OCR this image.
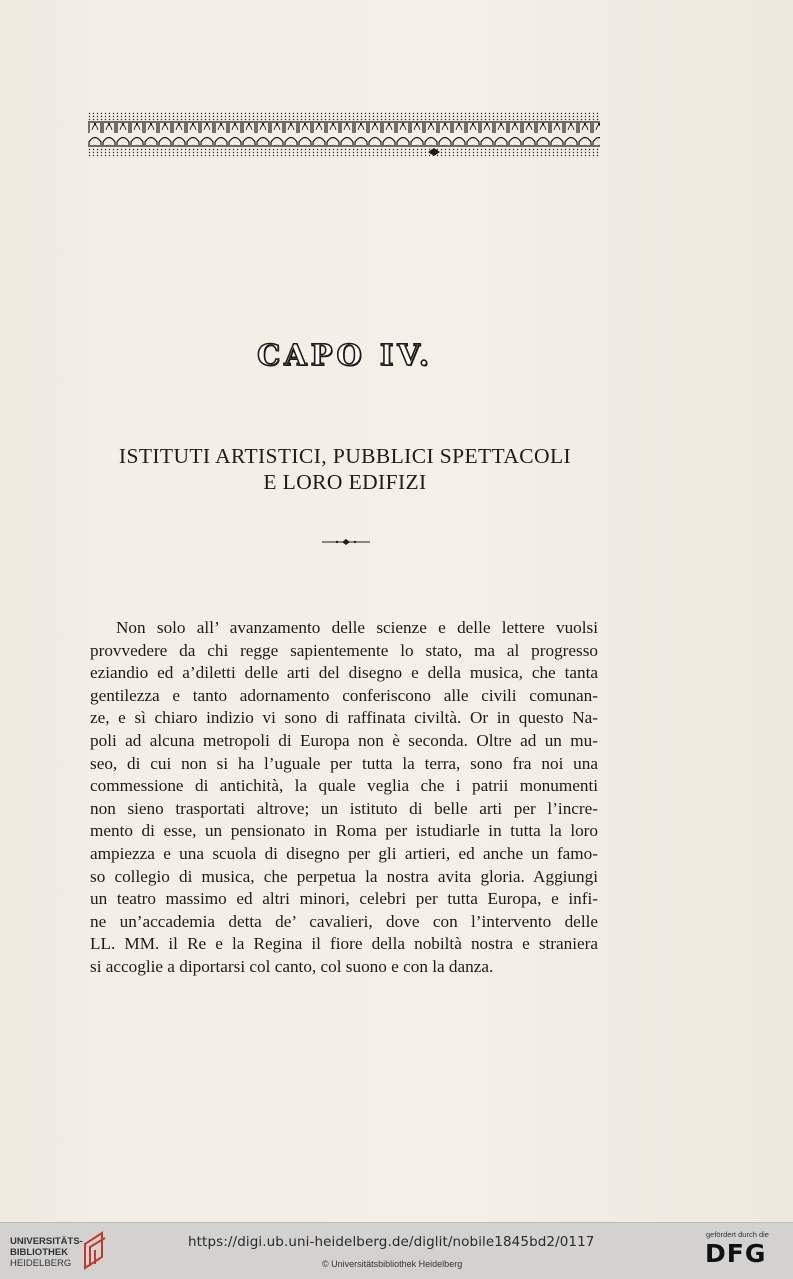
CAPO IV.
ISTITUTI ARTISTICI, PUBBLICI SPETTACOLI
E LORO EDIFIZI
Non solo all’ avanzamento delle scienze e delle lettere vuolsi
provvedere da chi regge sapientemente lo stato, ma al progresso
eziandio ed a’diletti delle arti del disegno e della musica, che tanta
gentilezza e tanto adornamento conferiscono alle civili comunan-
ze, e sì chiaro indizio vi sono di raffinata civiltà. Or in questo Na-
poli ad alcuna metropoli di Europa non è seconda. Oltre ad un mu-
seo, di cui non si ha l’uguale per tutta la terra, sono fra noi una
commessione di antichità, la quale veglia che i patrii monumenti
non sieno trasportati altrove; un istituto di belle arti per l’incre-
mento di esse, un pensionato in Roma per istudiarle in tutta la loro
ampiezza e una scuola di disegno per gli artieri, ed anche un famo-
so collegio di musica, che perpetua la nostra avita gloria. Aggiungi
un teatro massimo ed altri minori, celebri per tutta Europa, e infi-
ne un’accademia detta de’ cavalieri, dove con l’intervento delle
LL. MM. il Re e la Regina il fiore della nobiltà nostra e straniera
si accoglie a diportarsi col canto, col suono e con la danza.
UNIVERSITÄTS-
BIBLIOTHEK
HEIDELBERG
https://digi.ub.uni-heidelberg.de/diglit/nobile1845bd2/0117
© Universitätsbibliothek Heidelberg
gefördert durch die
DFG
